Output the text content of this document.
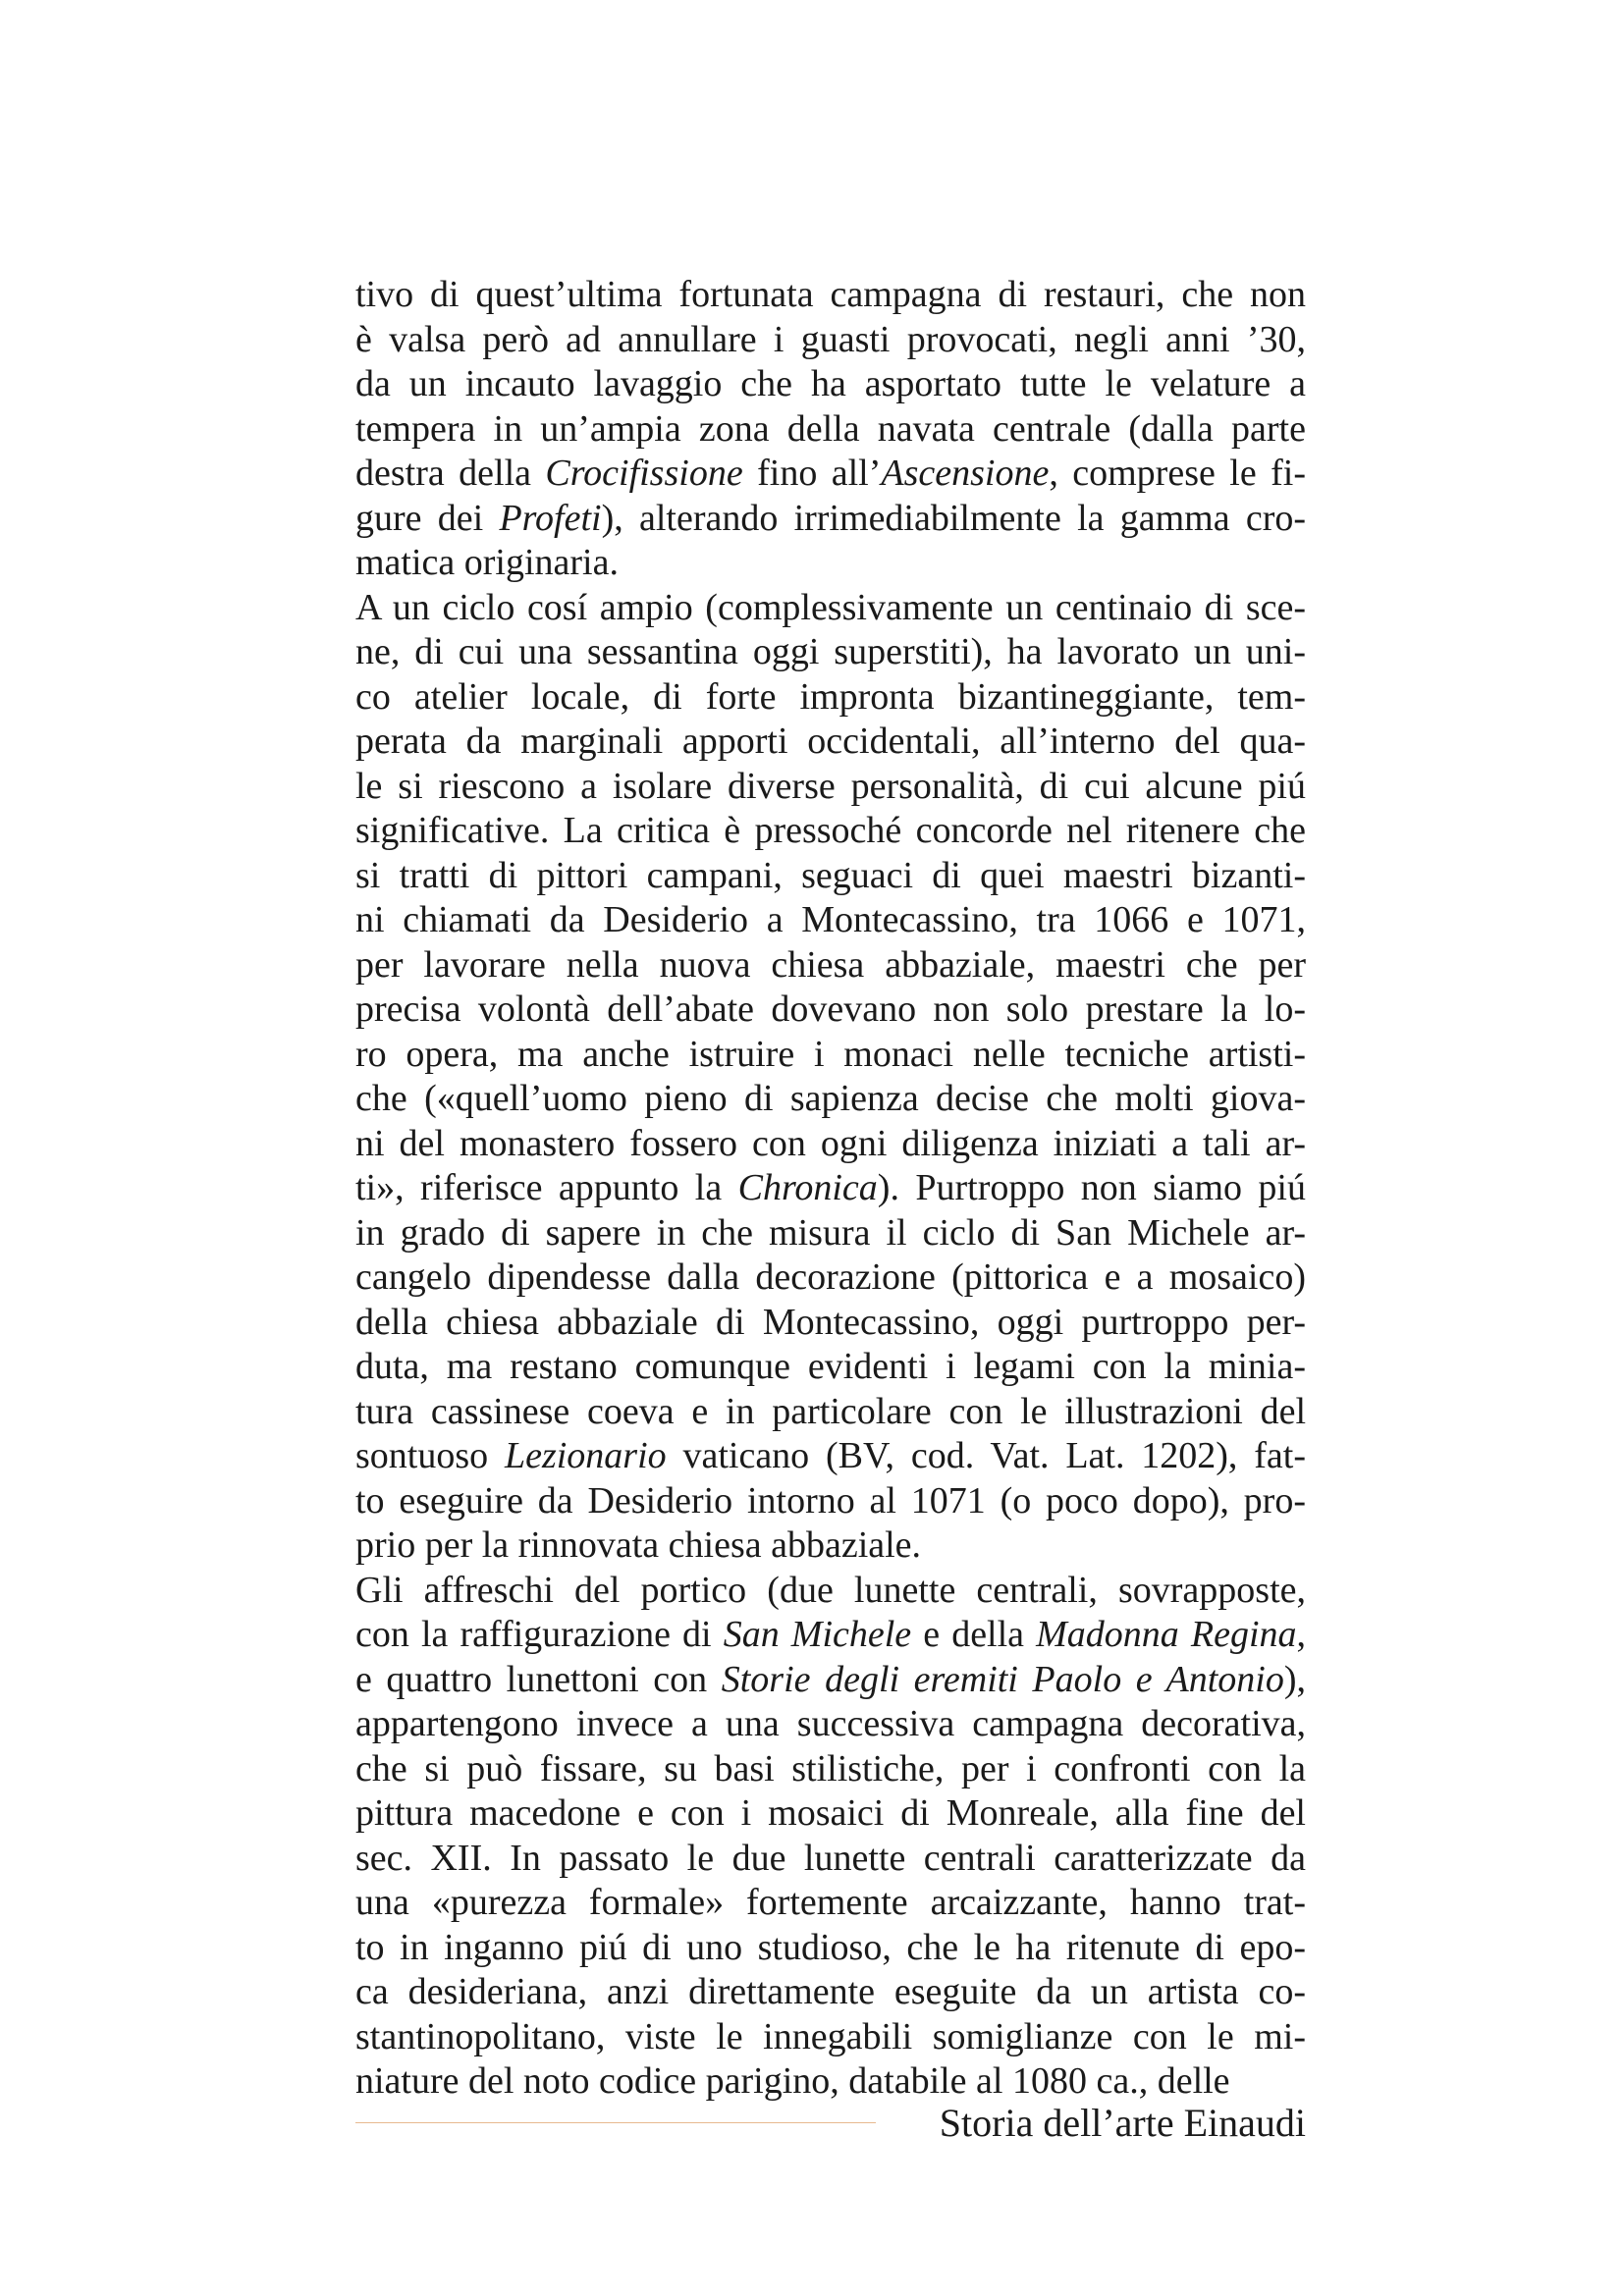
tivo di quest’ultima fortunata campagna di restauri, che non
è valsa però ad annullare i guasti provocati, negli anni ’30,
da un incauto lavaggio che ha asportato tutte le velature a
tempera in un’ampia zona della navata centrale (dalla parte
destra della Crocifissione fino all’Ascensione, comprese le fi-
gure dei Profeti), alterando irrimediabilmente la gamma cro-
matica originaria.
A un ciclo cosí ampio (complessivamente un centinaio di sce-
ne, di cui una sessantina oggi superstiti), ha lavorato un uni-
co atelier locale, di forte impronta bizantineggiante, tem-
perata da marginali apporti occidentali, all’interno del qua-
le si riescono a isolare diverse personalità, di cui alcune piú
significative. La critica è pressoché concorde nel ritenere che
si tratti di pittori campani, seguaci di quei maestri bizanti-
ni chiamati da Desiderio a Montecassino, tra 1066 e 1071,
per lavorare nella nuova chiesa abbaziale, maestri che per
precisa volontà dell’abate dovevano non solo prestare la lo-
ro opera, ma anche istruire i monaci nelle tecniche artisti-
che («quell’uomo pieno di sapienza decise che molti giova-
ni del monastero fossero con ogni diligenza iniziati a tali ar-
ti», riferisce appunto la Chronica). Purtroppo non siamo piú
in grado di sapere in che misura il ciclo di San Michele ar-
cangelo dipendesse dalla decorazione (pittorica e a mosaico)
della chiesa abbaziale di Montecassino, oggi purtroppo per-
duta, ma restano comunque evidenti i legami con la minia-
tura cassinese coeva e in particolare con le illustrazioni del
sontuoso Lezionario vaticano (BV, cod. Vat. Lat. 1202), fat-
to eseguire da Desiderio intorno al 1071 (o poco dopo), pro-
prio per la rinnovata chiesa abbaziale.
Gli affreschi del portico (due lunette centrali, sovrapposte,
con la raffigurazione di San Michele e della Madonna Regina,
e quattro lunettoni con Storie degli eremiti Paolo e Antonio),
appartengono invece a una successiva campagna decorativa,
che si può fissare, su basi stilistiche, per i confronti con la
pittura macedone e con i mosaici di Monreale, alla fine del
sec. XII. In passato le due lunette centrali caratterizzate da
una «purezza formale» fortemente arcaizzante, hanno trat-
to in inganno piú di uno studioso, che le ha ritenute di epo-
ca desideriana, anzi direttamente eseguite da un artista co-
stantinopolitano, viste le innegabili somiglianze con le mi-
niature del noto codice parigino, databile al 1080 ca., delle
Storia dell’arte Einaudi
